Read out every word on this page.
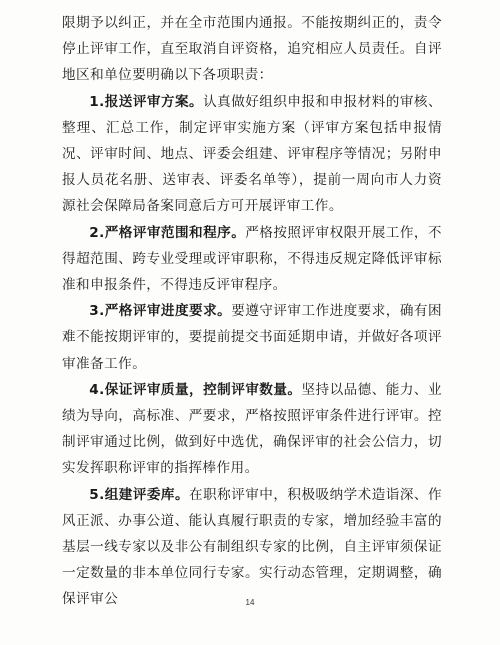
限期予以纠正，并在全市范围内通报。不能按期纠正的，责令停止评审工作，直至取消自评资格，追究相应人员责任。自评地区和单位要明确以下各项职责：

1.报送评审方案。认真做好组织申报和申报材料的审核、整理、汇总工作，制定评审实施方案（评审方案包括申报情况、评审时间、地点、评委会组建、评审程序等情况；另附申报人员花名册、送审表、评委名单等），提前一周向市人力资源社会保障局备案同意后方可开展评审工作。

2.严格评审范围和程序。严格按照评审权限开展工作，不得超范围、跨专业受理或评审职称，不得违反规定降低评审标准和申报条件，不得违反评审程序。

3.严格评审进度要求。要遵守评审工作进度要求，确有困难不能按期评审的，要提前提交书面延期申请，并做好各项评审准备工作。

4.保证评审质量，控制评审数量。坚持以品德、能力、业绩为导向，高标准、严要求，严格按照评审条件进行评审。控制评审通过比例，做到好中选优，确保评审的社会公信力，切实发挥职称评审的指挥棒作用。

5.组建评委库。在职称评审中，积极吸纳学术造诣深、作风正派、办事公道、能认真履行职责的专家，增加经验丰富的基层一线专家以及非公有制组织专家的比例，自主评审须保证一定数量的非本单位同行专家。实行动态管理，定期调整，确保评审公	14
